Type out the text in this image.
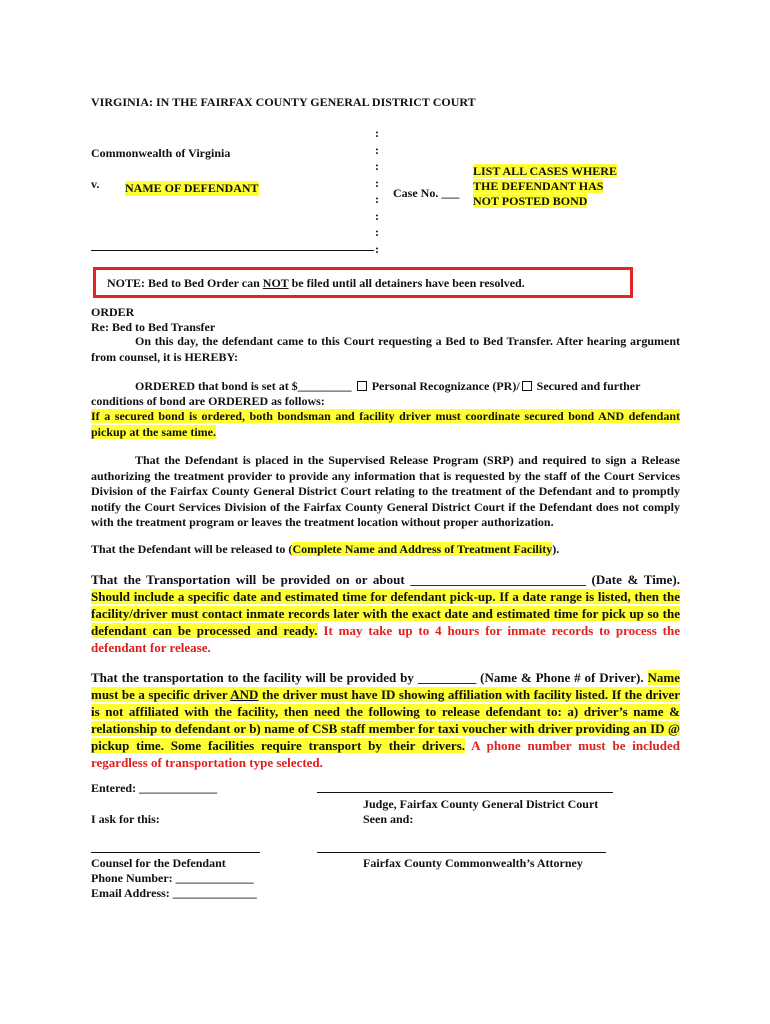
VIRGINIA: IN THE FAIRFAX COUNTY GENERAL DISTRICT COURT
Commonwealth of Virginia
v. NAME OF DEFENDANT
:
:
:
:
:
:
:
:
Case No. ___
LIST ALL CASES WHERE
THE DEFENDANT HAS
NOT POSTED BOND
NOTE: Bed to Bed Order can NOT be filed until all detainers have been resolved.
ORDER
Re: Bed to Bed Transfer
On this day, the defendant came to this Court requesting a Bed to Bed Transfer. After hearing argument from counsel, it is HEREBY:
ORDERED that bond is set at $_________  Personal Recognizance (PR)/ Secured and further
conditions of bond are ORDERED as follows:
If a secured bond is ordered, both bondsman and facility driver must coordinate secured bond AND defendant pickup at the same time.
That the Defendant is placed in the Supervised Release Program (SRP) and required to sign a Release authorizing the treatment provider to provide any information that is requested by the staff of the Court Services Division of the Fairfax County General District Court relating to the treatment of the Defendant and to promptly notify the Court Services Division of the Fairfax County General District Court if the Defendant does not comply with the treatment program or leaves the treatment location without proper authorization.
That the Defendant will be released to (Complete Name and Address of Treatment Facility).
That the Transportation will be provided on or about ___________________________ (Date & Time). Should include a specific date and estimated time for defendant pick-up. If a date range is listed, then the facility/driver must contact inmate records later with the exact date and estimated time for pick up so the defendant can be processed and ready. It may take up to 4 hours for inmate records to process the defendant for release.
That the transportation to the facility will be provided by _________ (Name & Phone # of Driver). Name must be a specific driver AND the driver must have ID showing affiliation with facility listed. If the driver is not affiliated with the facility, then need the following to release defendant to: a) driver’s name & relationship to defendant or b) name of CSB staff member for taxi voucher with driver providing an ID @ pickup time. Some facilities require transport by their drivers. A phone number must be included regardless of transportation type selected.
Entered: _____________
Judge, Fairfax County General District Court
Seen and:
I ask for this:
Counsel for the Defendant	Fairfax County Commonwealth’s Attorney
Phone Number: _____________
Email Address: ______________
